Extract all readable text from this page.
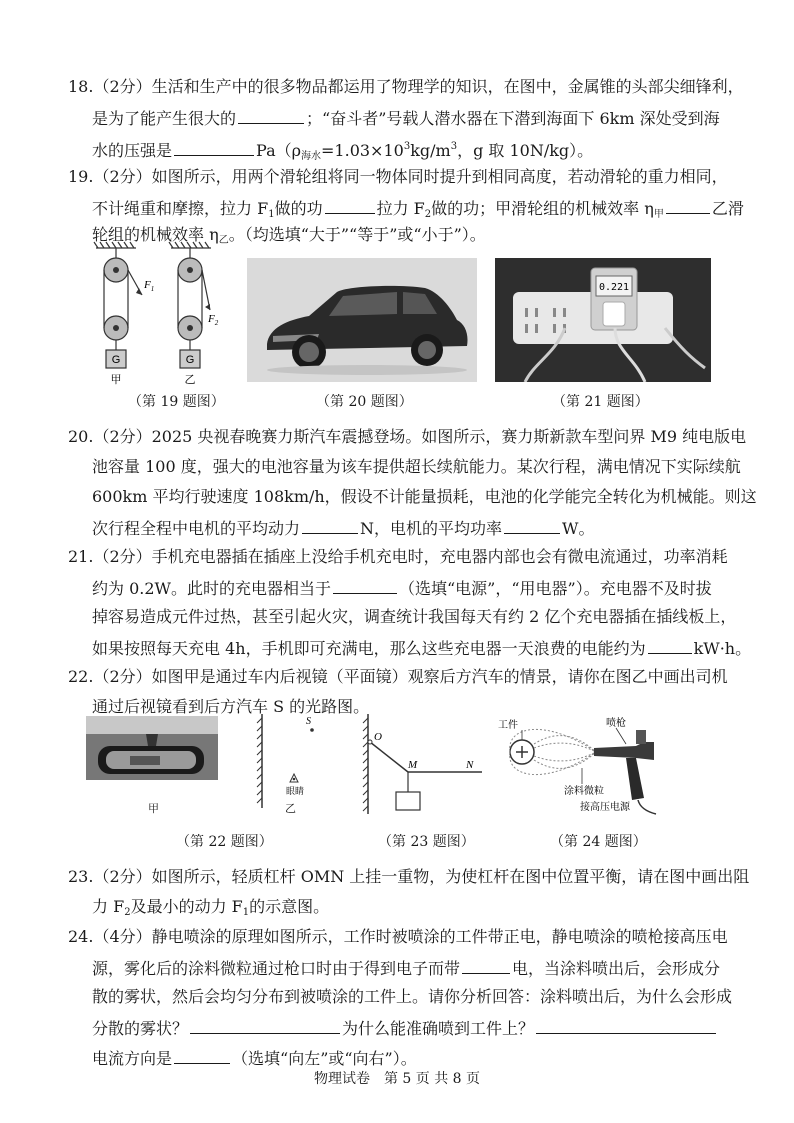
18.（2分）生活和生产中的很多物品都运用了物理学的知识，在图中，金属锥的头部尖细锋利，
是为了能产生很大的	；“奋斗者”号载人潜水器在下潜到海面下 6km 深处受到海
水的压强是	$Pa(\rho_{海水}=1.03\times 10^3kg/m^3$，g 取 10N/kg）。
19.（2分）如图所示，用两个滑轮组将同一物体同时提升到相同高度，若动滑轮的重力相同，
不计绳重和摩擦，拉力 $F_1$做的功	拉力 $F_2$做的功；甲滑轮组的机械效率 $\eta_甲$	乙滑
轮组的机械效率 $\eta_乙$。（均选填“大于”“等于”或“小于”）。
$F_1$
$F_2$
G	G
甲	乙
0.221
（第 19 题图）	（第 20 题图）	（第 21 题图）
20.（2分）2025 央视春晚赛力斯汽车震撼登场。如图所示，赛力斯新款车型问界 M9 纯电版电
池容量 100 度，强大的电池容量为该车提供超长续航能力。某次行程，满电情况下实际续航
600km 平均行驶速度 108km/h，假设不计能量损耗，电池的化学能完全转化为机械能。则这
次行程全程中电机的平均动力	N，电机的平均功率	W。
21.（2分）手机充电器插在插座上没给手机充电时，充电器内部也会有微电流通过，功率消耗
约为 0.2W。此时的充电器相当于	（选填“电源”，“用电器”）。充电器不及时拔
掉容易造成元件过热，甚至引起火灾，调查统计我国每天有约 2 亿个充电器插在插线板上，
如果按照每天充电 4h，手机即可充满电，那么这些充电器一天浪费的电能约为	kW·h。
22.（2分）如图甲是通过车内后视镜（平面镜）观察后方汽车的情景，请你在图乙中画出司机
通过后视镜看到后方汽车 S 的光路图。
甲
S
眼睛
乙
O
M	N
工件	喷枪
涂料微粒
接高压电源
（第 22 题图）	（第 23 题图）	（第 24 题图）
23.（2分）如图所示，轻质杠杆 OMN 上挂一重物，为使杠杆在图中位置平衡，请在图中画出阻
力 $F_2$及最小的动力 $F_1$的示意图。
24.（4分）静电喷涂的原理如图所示，工作时被喷涂的工件带正电，静电喷涂的喷枪接高压电
源，雾化后的涂料微粒通过枪口时由于得到电子而带	电，当涂料喷出后，会形成分
散的雾状，然后会均匀分布到被喷涂的工件上。请你分析回答：涂料喷出后，为什么会形成
分散的雾状？	为什么能准确喷到工件上？
电流方向是	（选填“向左”或“向右”）。
物理试卷　第 5 页 共 8 页
